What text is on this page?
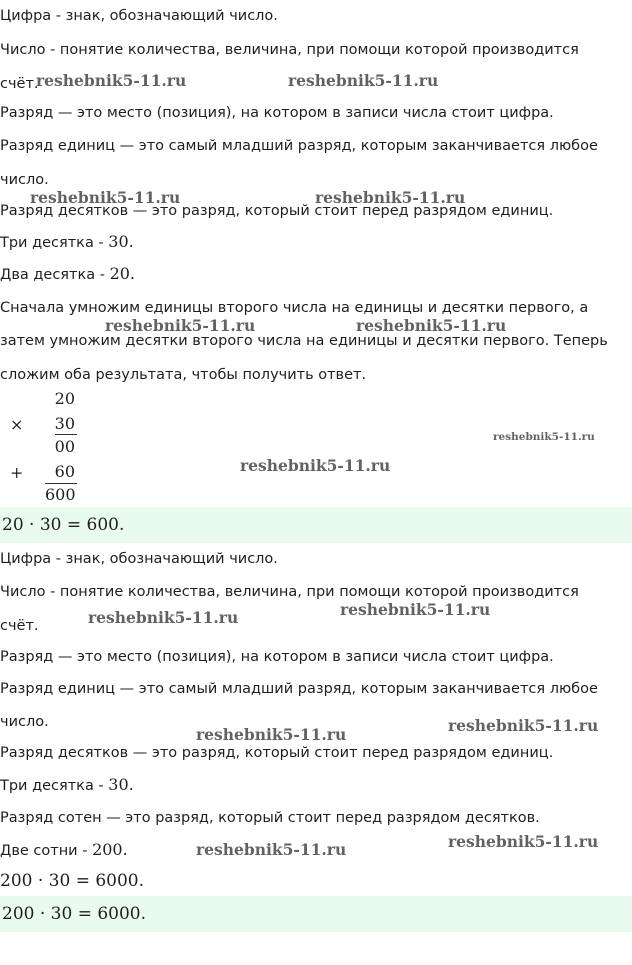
Цифра - знак, обозначающий число.
Число - понятие количества, величина, при помощи которой производится
счёт.
Разряд — это место (позиция), на котором в записи числа стоит цифра.
Разряд единиц — это самый младший разряд, которым заканчивается любое
число.
Разряд десятков — это разряд, который стоит перед разрядом единиц.
Три десятка - 30.
Два десятка - 20.
Сначала умножим единицы второго числа на единицы и десятки первого, а
затем умножим десятки второго числа на единицы и десятки первого. Теперь
сложим оба результата, чтобы получить ответ.
20
×	30
00
+	60
600
20 · 30 = 600.
Цифра - знак, обозначающий число.
Число - понятие количества, величина, при помощи которой производится
счёт.
Разряд — это место (позиция), на котором в записи числа стоит цифра.
Разряд единиц — это самый младший разряд, которым заканчивается любое
число.
Разряд десятков — это разряд, который стоит перед разрядом единиц.
Три десятка - 30.
Разряд сотен — это разряд, который стоит перед разрядом десятков.
Две сотни - 200.
200 · 30 = 6000.
200 · 30 = 6000.
reshebnik5-11.ru	reshebnik5-11.ru
reshebnik5-11.ru	reshebnik5-11.ru
reshebnik5-11.ru	reshebnik5-11.ru
reshebnik5-11.ru
reshebnik5-11.ru
reshebnik5-11.ru	reshebnik5-11.ru
reshebnik5-11.ru	reshebnik5-11.ru
reshebnik5-11.ru	reshebnik5-11.ru
